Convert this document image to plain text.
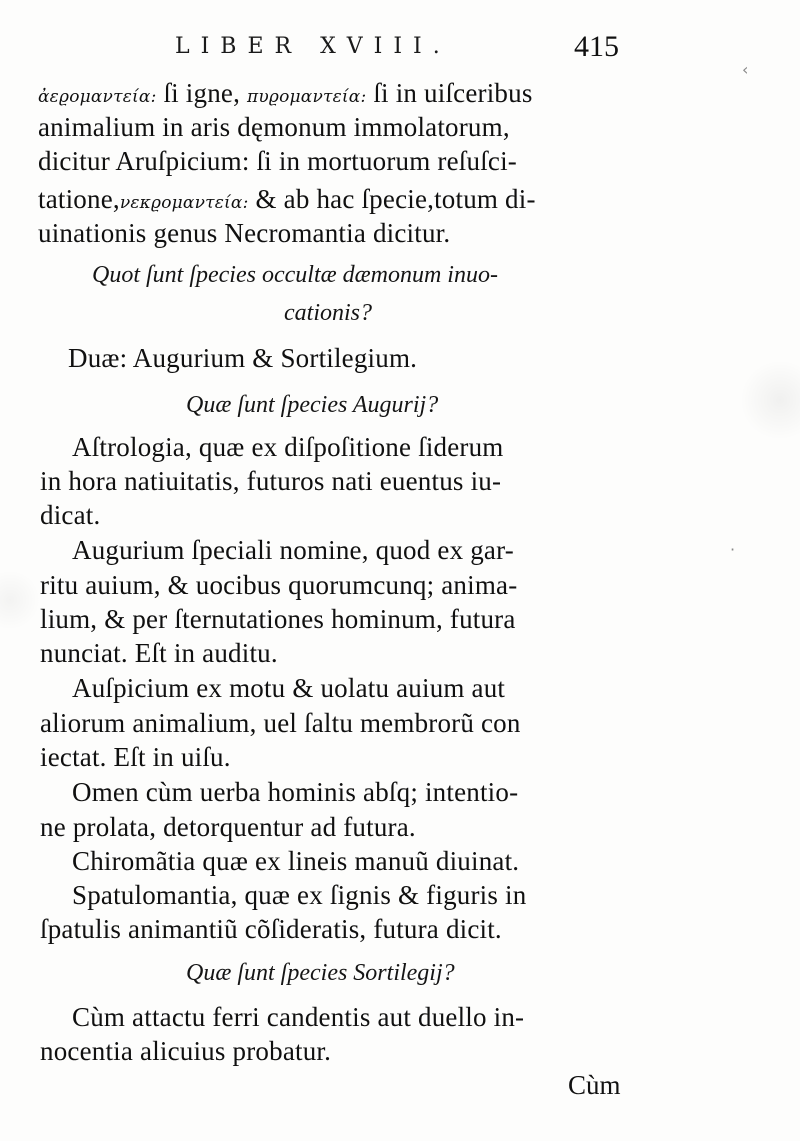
LIBER XVIII.	415
ἀεϱομαντεία: ſi igne, πυϱομαντεία: ſi in uiſceribus
animalium in aris dęmonum immolatorum,
dicitur Aruſpicium: ſi in mortuorum reſuſci-
tatione,νεκϱομαντεία: & ab hac ſpecie,totum di-
uinationis genus Necromantia dicitur.
Quot ſunt ſpecies occultæ dæmonum inuo-
cationis?
Duæ: Augurium & Sortilegium.
Quæ ſunt ſpecies Augurij?
Aſtrologia, quæ ex diſpoſitione ſiderum
in hora natiuitatis, futuros nati euentus iu-
dicat.
Augurium ſpeciali nomine, quod ex gar-
ritu auium, & uocibus quorumcunq; anima-
lium, & per ſternutationes hominum, futura
nunciat. Eſt in auditu.
Auſpicium ex motu & uolatu auium aut
aliorum animalium, uel ſaltu membrorũ con
iectat. Eſt in uiſu.
Omen cùm uerba hominis abſq; intentio-
ne prolata, detorquentur ad futura.
Chiromãtia quæ ex lineis manuũ diuinat.
Spatulomantia, quæ ex ſignis & figuris in
ſpatulis animantiũ cõſideratis, futura dicit.
Quæ ſunt ſpecies Sortilegij?
Cùm attactu ferri candentis aut duello in-
nocentia alicuius probatur.
Cùm
‹
·
